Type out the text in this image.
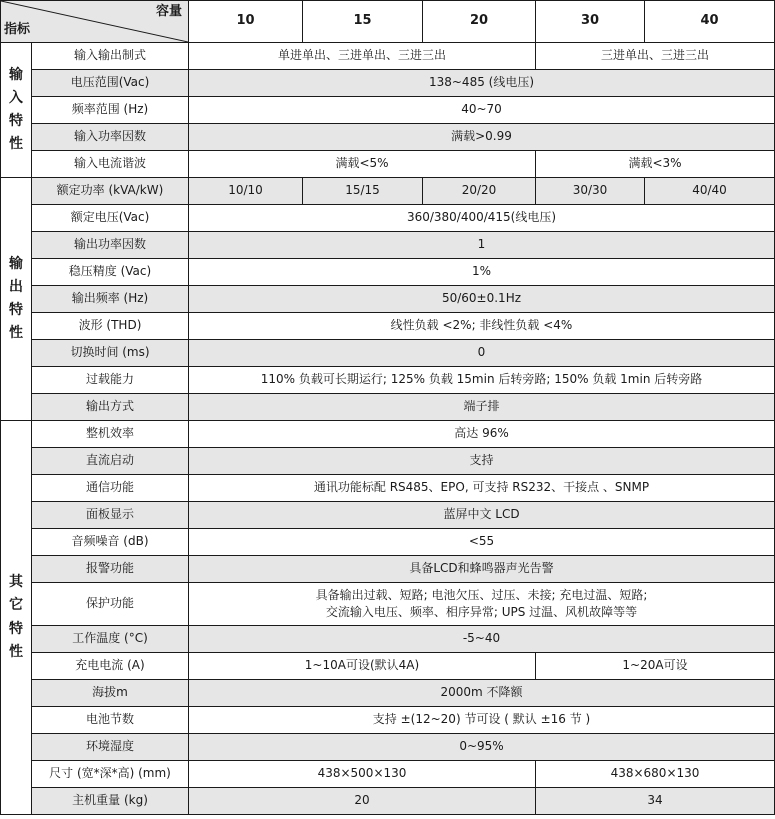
容量
指标		10	15	20	30	40

输
入
特
性	输入输出制式	单进单出、三进单出、三进三出			三进单出、三进三出	
	电压范围(Vac)	138~485 (线电压)				
	频率范围 (Hz)	40~70				
	输入功率因数	满载>0.99				
	输入电流谐波	满载<5%			满载<3%	

输
出
特
性	额定功率 (kVA/kW)	10/10	15/15	20/20	30/30	40/40
	额定电压(Vac)	360/380/400/415(线电压)				
	输出功率因数	1				
	稳压精度 (Vac)	1%				
	输出频率 (Hz)	50/60±0.1Hz				
	波形 (THD)	线性负载 <2%; 非线性负载 <4%				
	切换时间 (ms)	0				
	过载能力	110% 负载可长期运行; 125% 负载 15min 后转旁路; 150% 负载 1min 后转旁路				
	输出方式	端子排				

其
它
特
性	整机效率	高达 96%				
	直流启动	支持				
	通信功能	通讯功能标配 RS485、EPO, 可支持 RS232、干接点 、SNMP				
	面板显示	蓝屏中文 LCD				
	音频噪音 (dB)	<55				
	报警功能	具备LCD和蜂鸣器声光告警				
	保护功能	具备输出过载、短路; 电池欠压、过压、未接; 充电过温、短路;
交流输入电压、频率、相序异常; UPS 过温、风机故障等等				

	工作温度 (°C)	-5~40				
	充电电流 (A)	1~10A可设(默认4A)			1~20A可设	
	海拔m	2000m 不降额				
	电池节数	支持 ±(12~20) 节可设 ( 默认 ±16 节 )				
	环境湿度	0~95%				
	尺寸 (宽*深*高) (mm)	438×500×130			438×680×130	
	主机重量 (kg)	20			34	
